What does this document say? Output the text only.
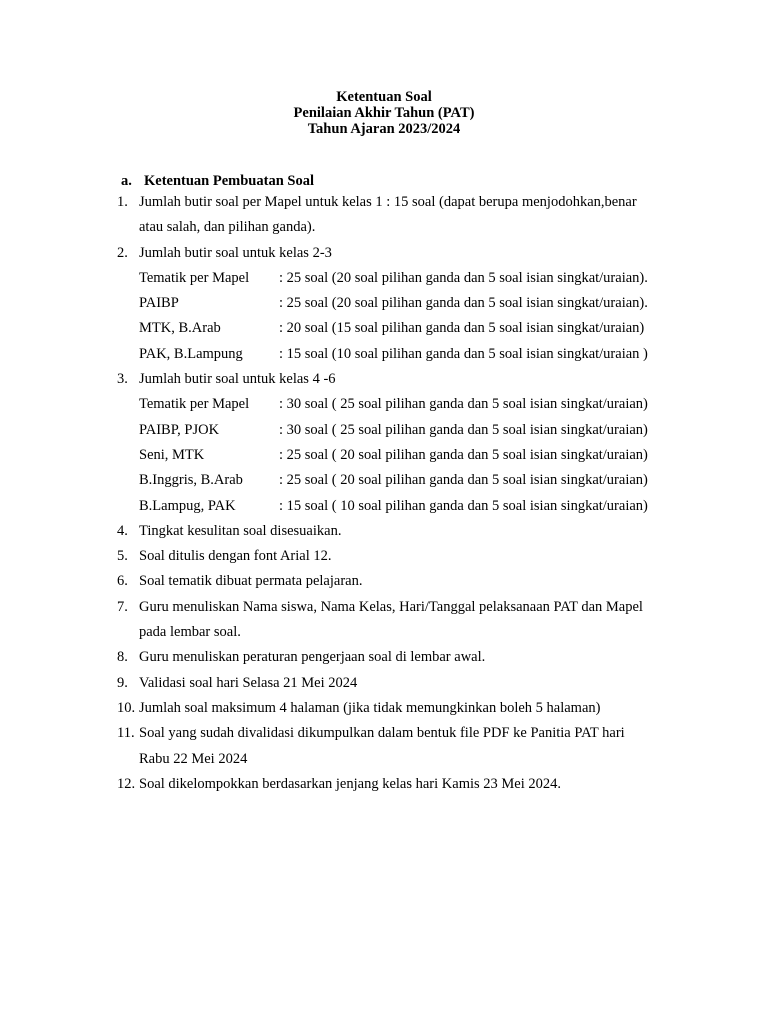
Ketentuan Soal
Penilaian Akhir Tahun (PAT)
Tahun Ajaran 2023/2024
a. Ketentuan Pembuatan Soal
1. Jumlah butir soal per Mapel untuk kelas 1 : 15 soal (dapat berupa menjodohkan,benar
atau salah, dan pilihan ganda).
2. Jumlah butir soal untuk kelas 2-3
Tematik per Mapel	: 25 soal (20 soal pilihan ganda dan 5 soal isian singkat/uraian).
PAIBP	: 25 soal (20 soal pilihan ganda dan 5 soal isian singkat/uraian).
MTK, B.Arab	: 20 soal (15 soal pilihan ganda dan 5 soal isian singkat/uraian)
PAK, B.Lampung	: 15 soal (10 soal pilihan ganda dan 5 soal isian singkat/uraian )
3. Jumlah butir soal untuk kelas 4 -6
Tematik per Mapel	: 30 soal ( 25 soal pilihan ganda dan 5 soal isian singkat/uraian)
PAIBP, PJOK	: 30 soal ( 25 soal pilihan ganda dan 5 soal isian singkat/uraian)
Seni, MTK	: 25 soal ( 20 soal pilihan ganda dan 5 soal isian singkat/uraian)
B.Inggris, B.Arab	: 25 soal ( 20 soal pilihan ganda dan 5 soal isian singkat/uraian)
B.Lampug, PAK	: 15 soal ( 10 soal pilihan ganda dan 5 soal isian singkat/uraian)
4. Tingkat kesulitan soal disesuaikan.
5. Soal ditulis dengan font Arial 12.
6. Soal tematik dibuat permata pelajaran.
7. Guru menuliskan Nama siswa, Nama Kelas, Hari/Tanggal pelaksanaan PAT dan Mapel
pada lembar soal.
8. Guru menuliskan peraturan pengerjaan soal di lembar awal.
9. Validasi soal hari Selasa 21 Mei 2024
10. Jumlah soal maksimum 4 halaman (jika tidak memungkinkan boleh 5 halaman)
11. Soal yang sudah divalidasi dikumpulkan dalam bentuk file PDF ke Panitia PAT hari
Rabu 22 Mei 2024
12. Soal dikelompokkan berdasarkan jenjang kelas hari Kamis 23 Mei 2024.
